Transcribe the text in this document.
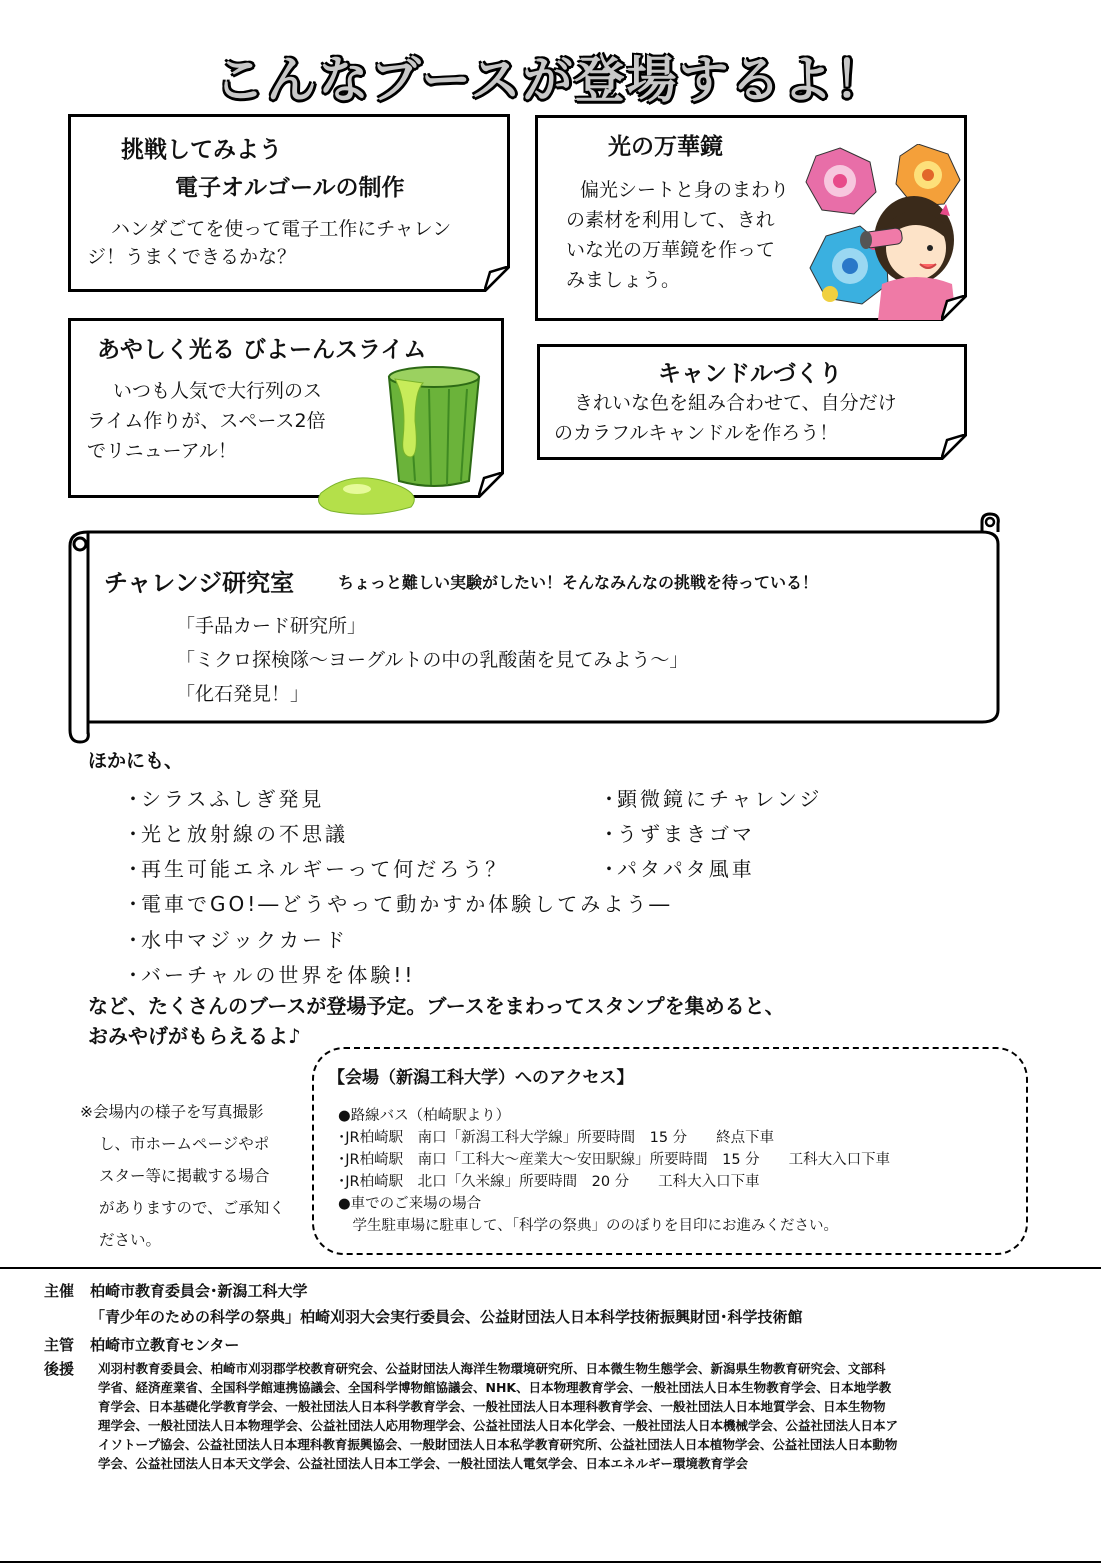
こんなブースが登場するよ！
挑戦してみよう
電子オルゴールの制作
ハンダごてを使って電子工作にチャレン
ジ！うまくできるかな？
光の万華鏡
偏光シートと身のまわり
の素材を利用して、きれ
いな光の万華鏡を作って
みましょう。
あやしく光る びよーんスライム
いつも人気で大行列のス
ライム作りが、スペース2倍
でリニューアル！
キャンドルづくり
きれいな色を組み合わせて、自分だけ
のカラフルキャンドルを作ろう！
チャレンジ研究室	ちょっと難しい実験がしたい！そんなみんなの挑戦を待っている！
「手品カード研究所」
「ミクロ探検隊～ヨーグルトの中の乳酸菌を見てみよう～」
「化石発見！」
ほかにも、
･シラスふしぎ発見
･光と放射線の不思議
･再生可能エネルギーって何だろう？
･電車でGO!―どうやって動かすか体験してみよう―
･水中マジックカード
･バーチャルの世界を体験!!
･顕微鏡にチャレンジ
･うずまきゴマ
･パタパタ風車
など、たくさんのブースが登場予定。ブースをまわってスタンプを集めると、
おみやげがもらえるよ♪
※会場内の様子を写真撮影
し、市ホームページやポ
スター等に掲載する場合
がありますので、ご承知く
ださい。
【会場（新潟工科大学）へのアクセス】
●路線バス（柏崎駅より）
･JR柏崎駅　南口「新潟工科大学線」所要時間　15 分　　終点下車
･JR柏崎駅　南口「工科大～産業大～安田駅線」所要時間　15 分　　工科大入口下車
･JR柏崎駅　北口「久米線」所要時間　20 分　　工科大入口下車
●車でのご来場の場合
　学生駐車場に駐車して、「科学の祭典」ののぼりを目印にお進みください。
主催 柏崎市教育委員会･新潟工科大学
「青少年のための科学の祭典」柏崎刈羽大会実行委員会、公益財団法人日本科学技術振興財団･科学技術館
主管 柏崎市立教育センター
後援 刈羽村教育委員会、柏崎市刈羽郡学校教育研究会、公益財団法人海洋生物環境研究所、日本微生物生態学会、新潟県生物教育研究会、文部科
学省、経済産業省、全国科学館連携協議会、全国科学博物館協議会、NHK、日本物理教育学会、一般社団法人日本生物教育学会、日本地学教
育学会、日本基礎化学教育学会、一般社団法人日本科学教育学会、一般社団法人日本理科教育学会、一般社団法人日本地質学会、日本生物物
理学会、一般社団法人日本物理学会、公益社団法人応用物理学会、公益社団法人日本化学会、一般社団法人日本機械学会、公益社団法人日本ア
イソトープ協会、公益社団法人日本理科教育振興協会、一般財団法人日本私学教育研究所、公益社団法人日本植物学会、公益社団法人日本動物
学会、公益社団法人日本天文学会、公益社団法人日本工学会、一般社団法人電気学会、日本エネルギー環境教育学会
